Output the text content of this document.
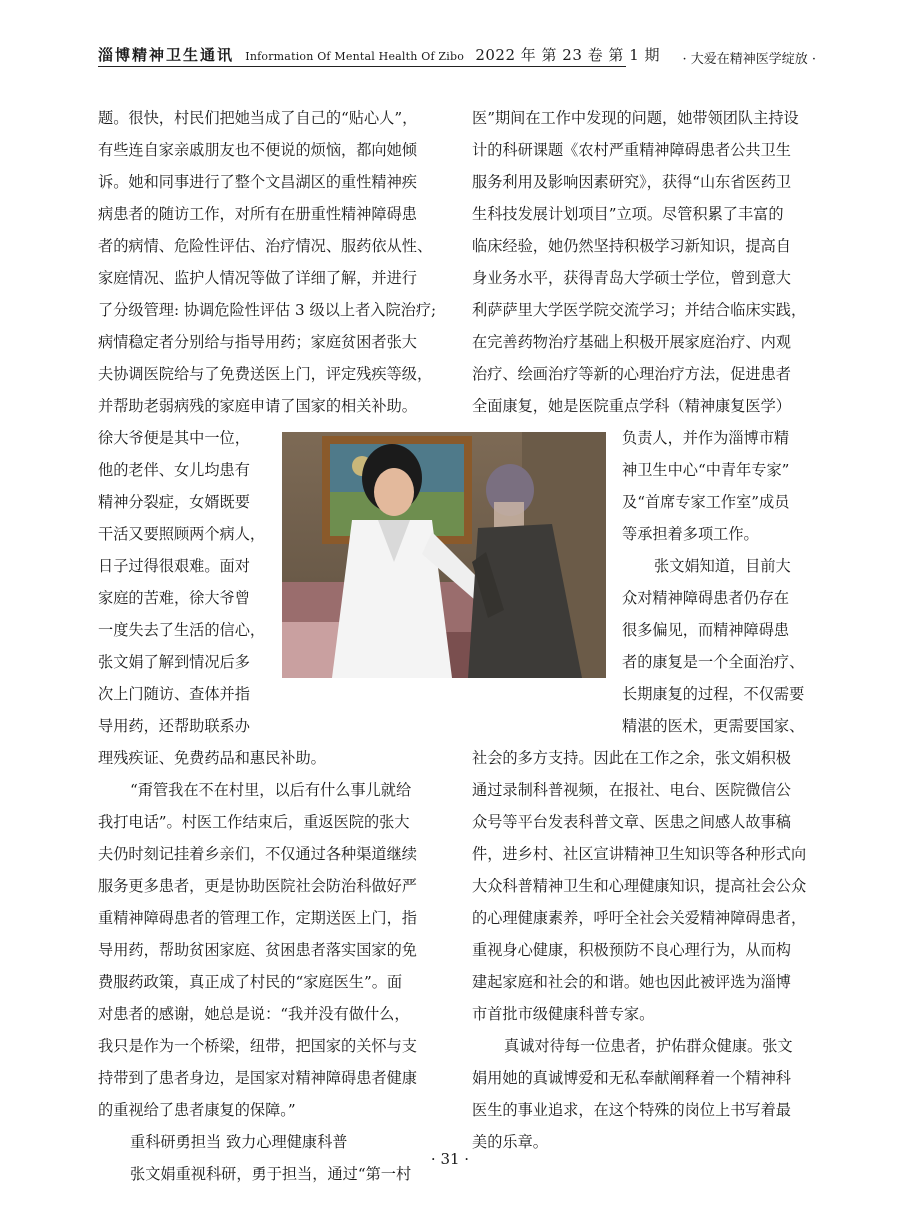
淄博精神卫生通讯 Information Of Mental Health Of Zibo 2022 年 第 23 卷 第 1 期	· 大爱在精神医学绽放 ·
题。很快，村民们把她当成了自己的“贴心人”，
有些连自家亲戚朋友也不便说的烦恼，都向她倾
诉。她和同事进行了整个文昌湖区的重性精神疾
病患者的随访工作，对所有在册重性精神障碍患
者的病情、危险性评估、治疗情况、服药依从性、
家庭情况、监护人情况等做了详细了解，并进行
了分级管理: 协调危险性评估 3 级以上者入院治疗;
病情稳定者分别给与指导用药；家庭贫困者张大
夫协调医院给与了免费送医上门，评定残疾等级，
并帮助老弱病残的家庭申请了国家的相关补助。
徐大爷便是其中一位，
他的老伴、女儿均患有
精神分裂症，女婿既要
干活又要照顾两个病人，
日子过得很艰难。面对
家庭的苦难，徐大爷曾
一度失去了生活的信心，
张文娟了解到情况后多
次上门随访、查体并指
导用药，还帮助联系办
理残疾证、免费药品和惠民补助。
“甭管我在不在村里，以后有什么事儿就给
我打电话”。村医工作结束后，重返医院的张大
夫仍时刻记挂着乡亲们，不仅通过各种渠道继续
服务更多患者，更是协助医院社会防治科做好严
重精神障碍患者的管理工作，定期送医上门，指
导用药，帮助贫困家庭、贫困患者落实国家的免
费服药政策，真正成了村民的“家庭医生”。面
对患者的感谢，她总是说：“我并没有做什么，
我只是作为一个桥梁，纽带，把国家的关怀与支
持带到了患者身边，是国家对精神障碍患者健康
的重视给了患者康复的保障。”
重科研勇担当 致力心理健康科普
张文娟重视科研，勇于担当，通过“第一村
医”期间在工作中发现的问题，她带领团队主持设
计的科研课题《农村严重精神障碍患者公共卫生
服务利用及影响因素研究》，获得“山东省医药卫
生科技发展计划项目”立项。尽管积累了丰富的
临床经验，她仍然坚持积极学习新知识，提高自
身业务水平，获得青岛大学硕士学位，曾到意大
利萨萨里大学医学院交流学习；并结合临床实践，
在完善药物治疗基础上积极开展家庭治疗、内观
治疗、绘画治疗等新的心理治疗方法，促进患者
全面康复，她是医院重点学科（精神康复医学）
负责人，并作为淄博市精
神卫生中心“中青年专家”
及“首席专家工作室”成员
等承担着多项工作。
张文娟知道，目前大
众对精神障碍患者仍存在
很多偏见，而精神障碍患
者的康复是一个全面治疗、
长期康复的过程，不仅需要
精湛的医术，更需要国家、
社会的多方支持。因此在工作之余，张文娟积极
通过录制科普视频，在报社、电台、医院微信公
众号等平台发表科普文章、医患之间感人故事稿
件，进乡村、社区宣讲精神卫生知识等各种形式向
大众科普精神卫生和心理健康知识，提高社会公众
的心理健康素养，呼吁全社会关爱精神障碍患者，
重视身心健康，积极预防不良心理行为，从而构
建起家庭和社会的和谐。她也因此被评选为淄博
市首批市级健康科普专家。
真诚对待每一位患者，护佑群众健康。张文
娟用她的真诚博爱和无私奉献阐释着一个精神科
医生的事业追求，在这个特殊的岗位上书写着最
美的乐章。
· 31 ·
